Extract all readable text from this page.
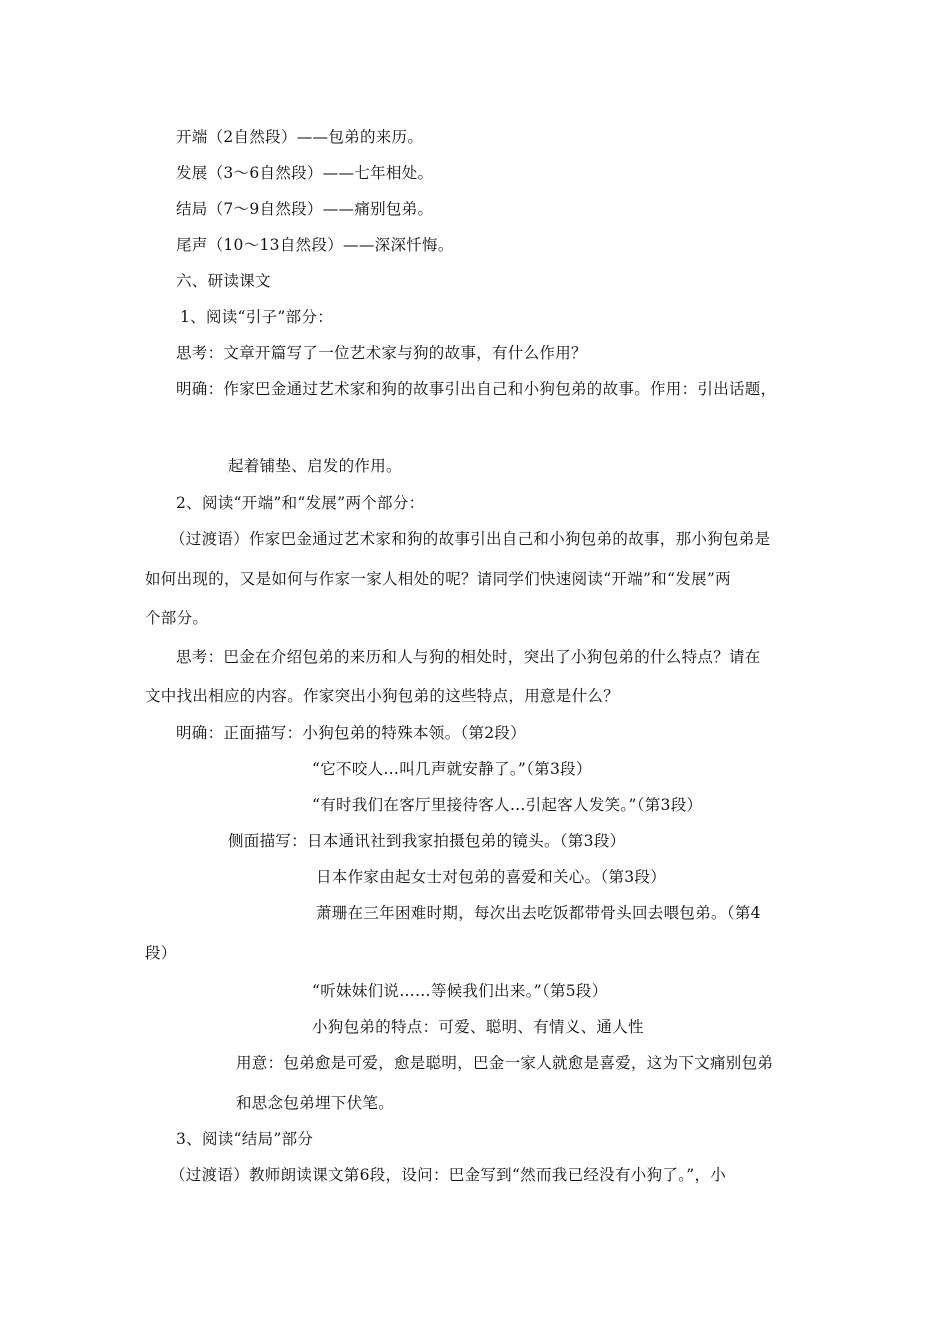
开端（2自然段）——包弟的来历。
发展（3～6自然段）——七年相处。
结局（7～9自然段）——痛别包弟。
尾声（10～13自然段）——深深忏悔。
六、研读课文
1、阅读“引子”部分：
思考：文章开篇写了一位艺术家与狗的故事，有什么作用？
明确：作家巴金通过艺术家和狗的故事引出自己和小狗包弟的故事。作用：引出话题，
起着铺垫、启发的作用。
2、阅读“开端”和“发展”两个部分：
（过渡语）作家巴金通过艺术家和狗的故事引出自己和小狗包弟的故事，那小狗包弟是
如何出现的，又是如何与作家一家人相处的呢？请同学们快速阅读“开端”和“发展”两
个部分。
思考：巴金在介绍包弟的来历和人与狗的相处时，突出了小狗包弟的什么特点？请在
文中找出相应的内容。作家突出小狗包弟的这些特点，用意是什么？
明确：正面描写：小狗包弟的特殊本领。（第2段）
“它不咬人…叫几声就安静了。”（第3段）
“有时我们在客厅里接待客人…引起客人发笑。”（第3段）
侧面描写：日本通讯社到我家拍摄包弟的镜头。（第3段）
日本作家由起女士对包弟的喜爱和关心。（第3段）
萧珊在三年困难时期，每次出去吃饭都带骨头回去喂包弟。（第4
段）
“听妹妹们说……等候我们出来。”（第5段）
小狗包弟的特点：可爱、聪明、有情义、通人性
用意：包弟愈是可爱，愈是聪明，巴金一家人就愈是喜爱，这为下文痛别包弟
和思念包弟埋下伏笔。
3、阅读“结局”部分
（过渡语）教师朗读课文第6段，设问：巴金写到“然而我已经没有小狗了。”，小
